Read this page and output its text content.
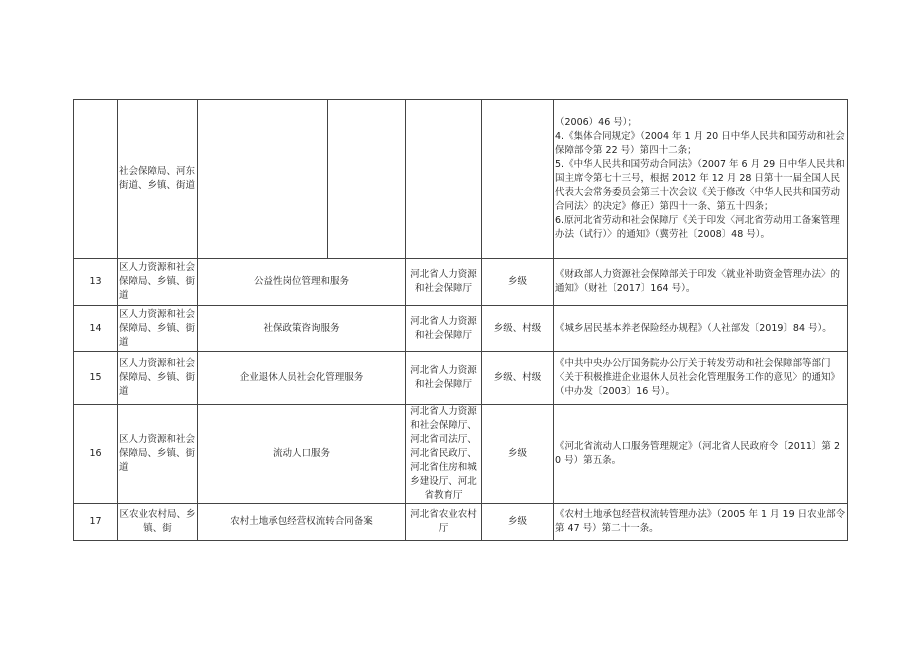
	社会保障局、河东街道、乡镇、街道					（2006）46 号）；
4.《集体合同规定》（2004 年 1 月 20 日中华人民共和国劳动和社会保障部令第 22 号）第四十二条；
5.《中华人民共和国劳动合同法》（2007 年 6 月 29 日中华人民共和国主席令第七十三号，根据 2012 年 12 月 28 日第十一届全国人民代表大会常务委员会第三十次会议《关于修改〈中华人民共和国劳动合同法〉的决定》修正）第四十一条、第五十四条；
6.原河北省劳动和社会保障厅《关于印发〈河北省劳动用工备案管理办法（试行）〉的通知》（冀劳社〔2008〕48 号）。

13	区人力资源和社会保障局、乡镇、街道	公益性岗位管理和服务		河北省人力资源和社会保障厅	乡级	《财政部人力资源社会保障部关于印发〈就业补助资金管理办法〉的通知》（财社〔2017〕164 号）。
14	区人力资源和社会保障局、乡镇、街道	社保政策咨询服务		河北省人力资源和社会保障厅	乡级、村级	《城乡居民基本养老保险经办规程》（人社部发〔2019〕84 号）。
15	区人力资源和社会保障局、乡镇、街道	企业退休人员社会化管理服务		河北省人力资源和社会保障厅	乡级、村级	《中共中央办公厅国务院办公厅关于转发劳动和社会保障部等部门〈关于积极推进企业退休人员社会化管理服务工作的意见〉的通知》（中办发〔2003〕16 号）。
16	区人力资源和社会保障局、乡镇、街道	流动人口服务		河北省人力资源和社会保障厅、河北省司法厅、河北省民政厅、河北省住房和城乡建设厅、河北省教育厅	乡级	《河北省流动人口服务管理规定》（河北省人民政府令〔2011〕第 20 号）第五条。
17	区农业农村局、乡镇、街	农村土地承包经营权流转合同备案		河北省农业农村厅	乡级	《农村土地承包经营权流转管理办法》（2005 年 1 月 19 日农业部令第 47 号）第二十一条。
